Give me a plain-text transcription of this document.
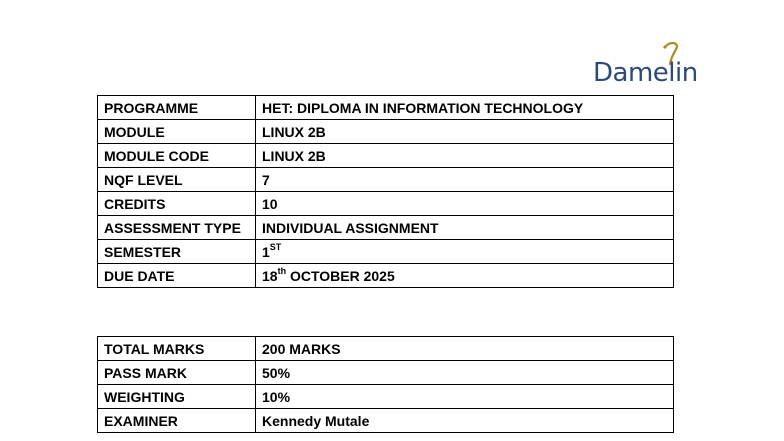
Damelin
PROGRAMME	HET: DIPLOMA IN INFORMATION TECHNOLOGY
MODULE	LINUX 2B
MODULE CODE	LINUX 2B
NQF LEVEL	7
CREDITS	10
ASSESSMENT TYPE	INDIVIDUAL ASSIGNMENT
SEMESTER	1ST
DUE DATE	18th OCTOBER 2025
TOTAL MARKS	200 MARKS
PASS MARK	50%
WEIGHTING	10%
EXAMINER	Kennedy Mutale
